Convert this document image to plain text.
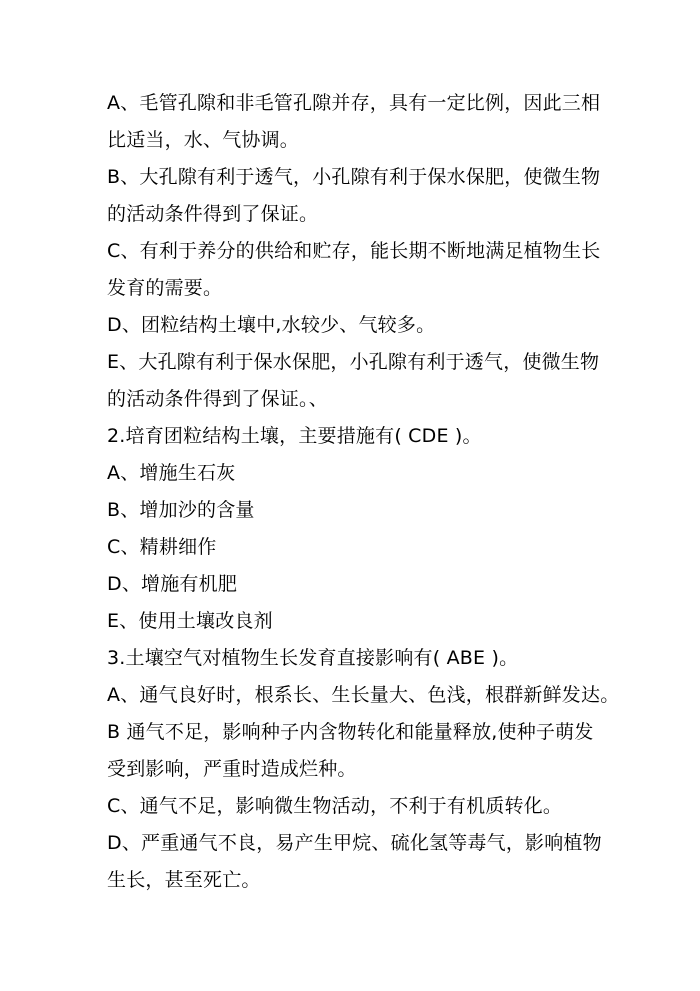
A、毛管孔隙和非毛管孔隙并存，具有一定比例，因此三相
比适当，水、气协调。
B、大孔隙有利于透气，小孔隙有利于保水保肥，使微生物
的活动条件得到了保证。
C、有利于养分的供给和贮存，能长期不断地满足植物生长
发育的需要。
D、团粒结构土壤中,水较少、气较多。
E、大孔隙有利于保水保肥，小孔隙有利于透气，使微生物
的活动条件得到了保证。、
2.培育团粒结构土壤，主要措施有( CDE )。
A、增施生石灰
B、增加沙的含量
C、精耕细作
D、增施有机肥
E、使用土壤改良剂
3.土壤空气对植物生长发育直接影响有( ABE )。
A、通气良好时，根系长、生长量大、色浅，根群新鲜发达。
B 通气不足，影响种子内含物转化和能量释放,使种子萌发
受到影响，严重时造成烂种。
C、通气不足，影响微生物活动，不利于有机质转化。
D、严重通气不良，易产生甲烷、硫化氢等毒气，影响植物
生长，甚至死亡。
